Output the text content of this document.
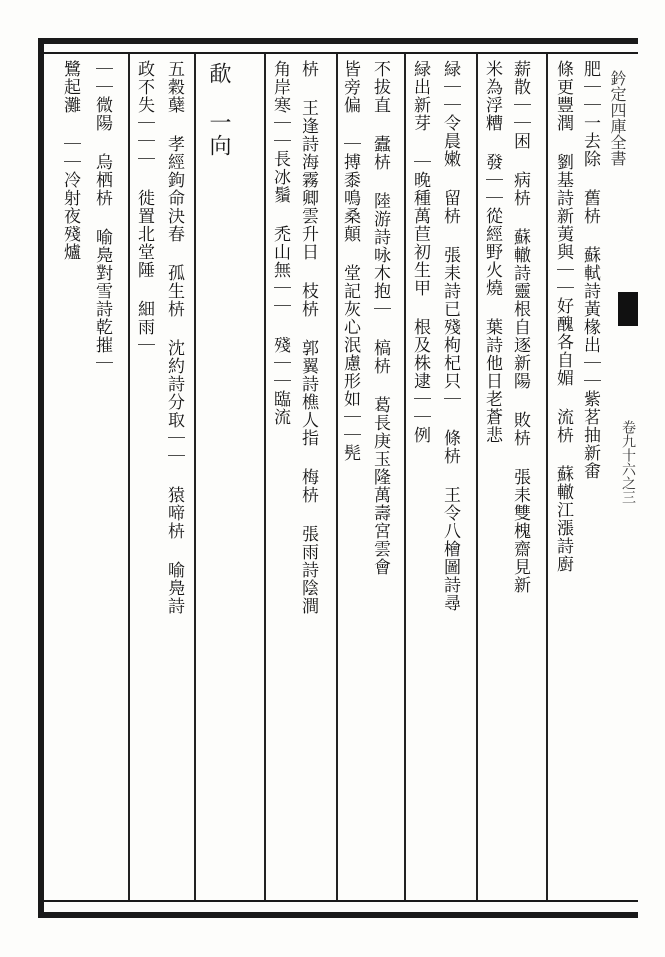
鈐定四庫全書
卷九十六之三
肥｜｜一去除 舊枿 蘇軾詩黃椽出｜｜紫茗抽新畬
條更豐潤 劉基詩新荑與｜｜好醜各自媚 流枿 蘇轍江漲詩廚
薪散｜｜困 病枿 蘇轍詩靈根自逐新陽 敗枿 張耒雙槐齋見新
米為浮糟 發｜｜從經野火燒 葉詩他日老蒼悲
緑｜｜令晨嫩 留枿 張耒詩已殘枸杞只｜ 條枿 王令八檜圖詩尋
緑出新芽 ｜晚種萬苣初生甲 根及株逮｜｜例
不拔直 蠹枿 陸游詩咏木抱｜ 槁枿 葛長庚玉隆萬壽宮雲會
皆旁偏 ｜搏黍鳴桑顛 堂記灰心泯慮形如｜｜髡
枿 王逢詩海霧卿雲升日 枝枿 郭翼詩樵人指 梅枿 張雨詩陰澗
角岸寒｜｜長冰鬚 禿山無｜｜ 殘｜｜臨流
歃 一向
五穀蘖 孝經鉤命決春 孤生枿 沈約詩分取｜｜ 猿啼枿 喻鳧詩
政不失｜｜｜ 徙置北堂陲 細雨｜
｜｜微陽 烏栖枿 喻鳧對雪詩乾摧｜
鷺起灘 ｜｜冷射夜殘爐
